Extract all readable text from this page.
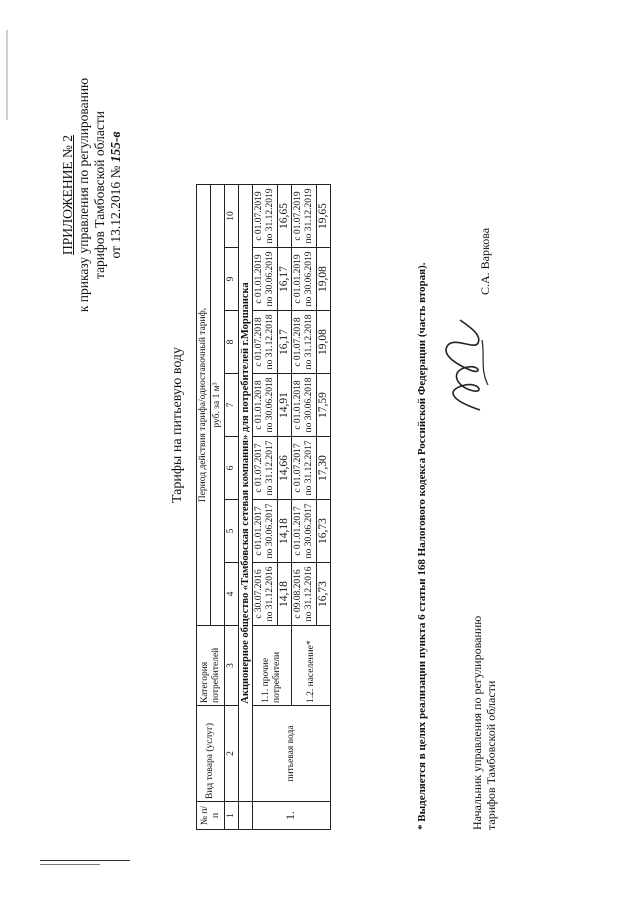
ПРИЛОЖЕНИЕ № 2 к приказу управления по регулированию тарифов Тамбовской области от 13.12.2016 № 155-в
Тарифы на питьевую воду
№ п/п	Вид товара (услуг)	Категория потребителей	Период действия тарифа/одноставочный тариф,						
			руб. за 1 м³						
1	2	3	4	5	6	7	8	9	10
	Акционерное общество «Тамбовская сетевая компания» для потребителей г.Моршанска								
1.	питьевая вода	1.1. прочие потребители	с 30.07.2016 по 31.12.2016	с 01.01.2017 по 30.06.2017	с 01.07.2017 по 31.12.2017	с 01.01.2018 по 30.06.2018	с 01.07.2018 по 31.12.2018	с 01.01.2019 по 30.06.2019	с 01.07.2019 по 31.12.2019
			14,18	14,18	14,66	14,91	16,17	16,17	16,65
		1.2. население*	с 09.08.2016 по 31.12.2016	с 01.01.2017 по 30.06.2017	с 01.07.2017 по 31.12.2017	с 01.01.2018 по 30.06.2018	с 01.07.2018 по 31.12.2018	с 01.01.2019 по 30.06.2019	с 01.07.2019 по 31.12.2019
			16,73	16,73	17,30	17,59	19,08	19,08	19,65
* Выделяется в целях реализации пункта 6 статьи 168 Налогового кодекса Российской Федерации (часть вторая).	Начальник управления по регулированию тарифов Тамбовской области
С.А. Варкова
